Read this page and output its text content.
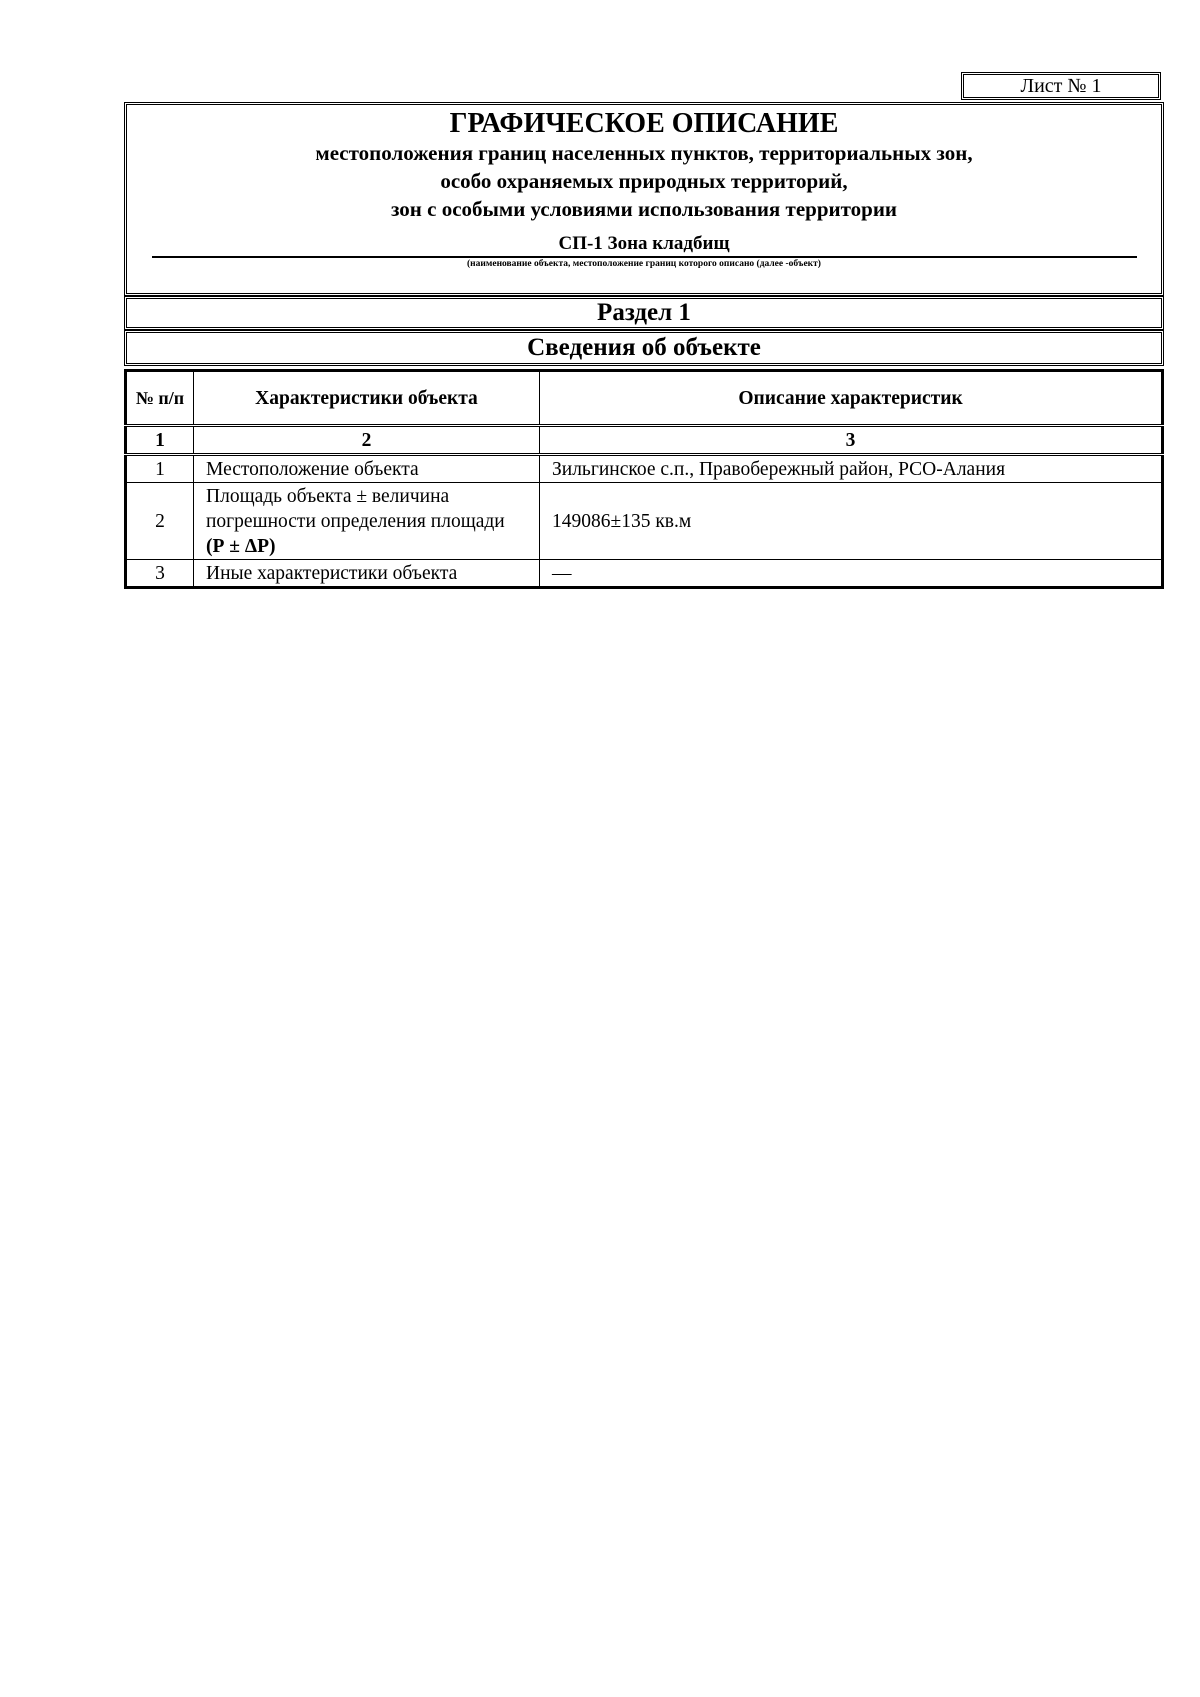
Лист № 1
ГРАФИЧЕСКОЕ ОПИСАНИЕ
местоположения границ населенных пунктов, территориальных зон,
особо охраняемых природных территорий,
зон с особыми условиями использования территории
СП-1 Зона кладбищ
(наименование объекта, местоположение границ которого описано (далее -объект)
Раздел 1
Сведения об объекте
№ п/п	Характеристики объекта	Описание характеристик
1	2	3
1	Местоположение объекта	Зильгинское с.п., Правобережный район, РСО-Алания
2	Площадь объекта ± величина погрешности определения площади (Р ± ΔР)	149086±135 кв.м
3	Иные характеристики объекта	—
